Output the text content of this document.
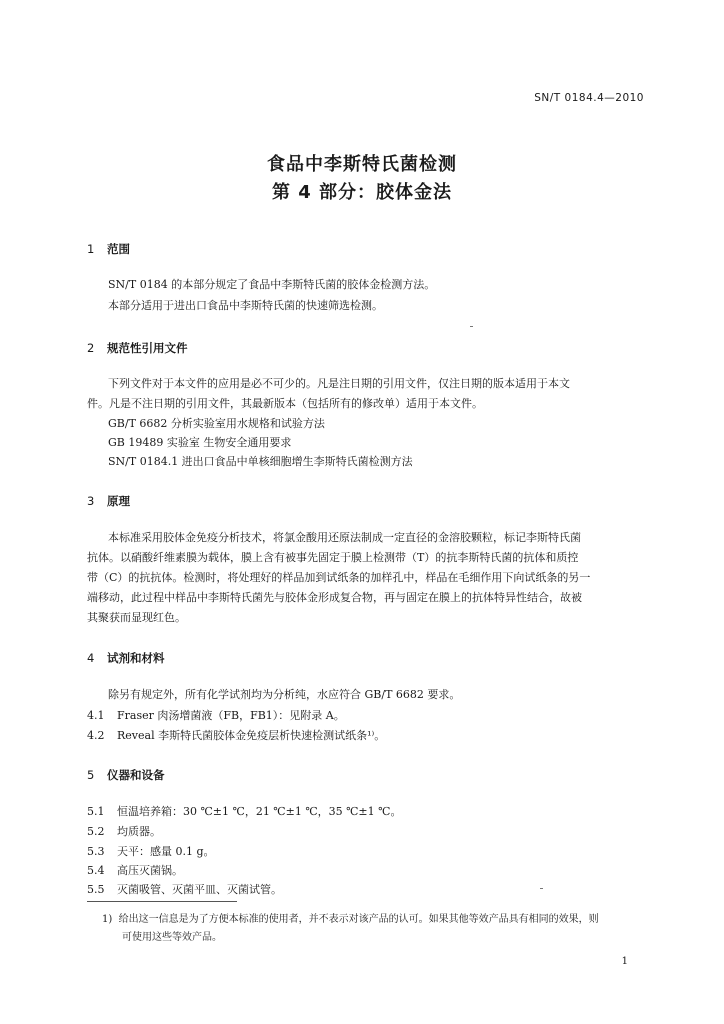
SN/T 0184.4—2010
食品中李斯特氏菌检测
第 4 部分：胶体金法
1 范围
SN/T 0184 的本部分规定了食品中李斯特氏菌的胶体金检测方法。
本部分适用于进出口食品中李斯特氏菌的快速筛选检测。
2 规范性引用文件
下列文件对于本文件的应用是必不可少的。凡是注日期的引用文件，仅注日期的版本适用于本文
件。凡是不注日期的引用文件，其最新版本（包括所有的修改单）适用于本文件。
GB/T 6682 分析实验室用水规格和试验方法
GB 19489 实验室 生物安全通用要求
SN/T 0184.1 进出口食品中单核细胞增生李斯特氏菌检测方法
3 原理
本标准采用胶体金免疫分析技术，将氯金酸用还原法制成一定直径的金溶胶颗粒，标记李斯特氏菌
抗体。以硝酸纤维素膜为载体，膜上含有被事先固定于膜上检测带（T）的抗李斯特氏菌的抗体和质控
带（C）的抗抗体。检测时，将处理好的样品加到试纸条的加样孔中，样品在毛细作用下向试纸条的另一
端移动，此过程中样品中李斯特氏菌先与胶体金形成复合物，再与固定在膜上的抗体特异性结合，故被
其聚获而显现红色。
4 试剂和材料
除另有规定外，所有化学试剂均为分析纯，水应符合 GB/T 6682 要求。
4.1 Fraser 肉汤增菌液（FB，FB1）：见附录 A。
4.2 Reveal 李斯特氏菌胶体金免疫层析快速检测试纸条¹⁾。
5 仪器和设备
5.1 恒温培养箱：30 ℃±1 ℃，21 ℃±1 ℃，35 ℃±1 ℃。
5.2 均质器。
5.3 天平：感量 0.1 g。
5.4 高压灭菌锅。
5.5 灭菌吸管、灭菌平皿、灭菌试管。
1) 给出这一信息是为了方便本标准的使用者，并不表示对该产品的认可。如果其他等效产品具有相同的效果，则
可使用这些等效产品。
1
